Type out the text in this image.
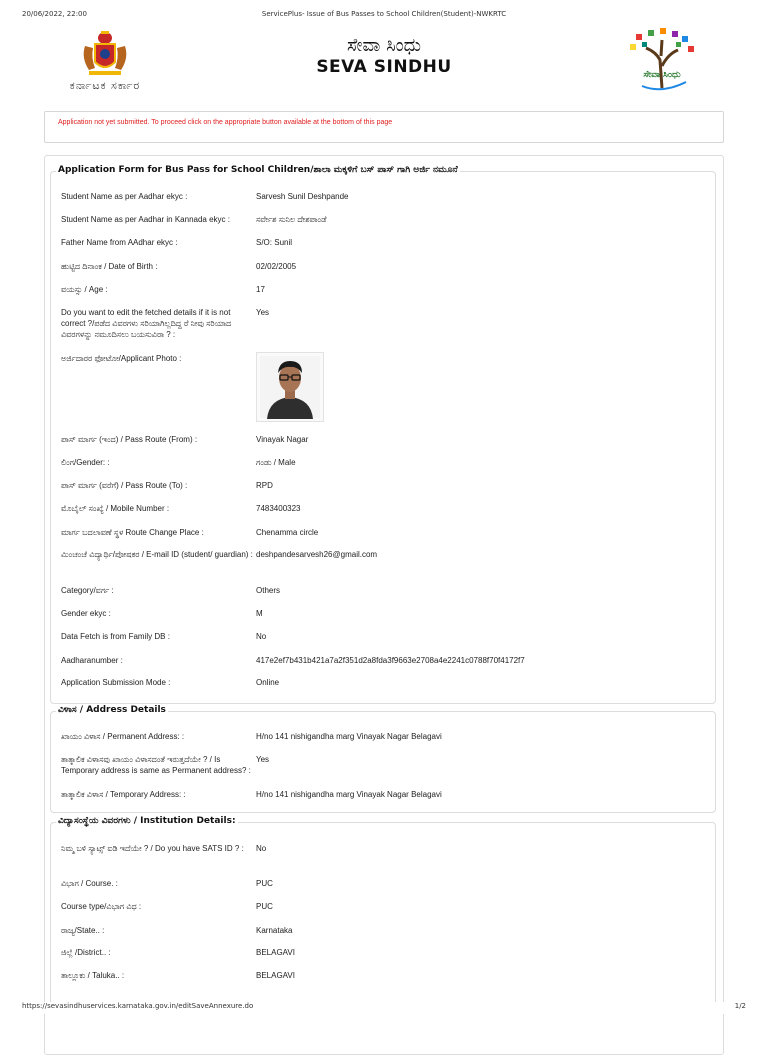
20/06/2022, 22:00	ServicePlus- Issue of Bus Passes to School Children(Student)-NWKRTC
ಕರ್ನಾಟಕ ಸರ್ಕಾರ
ಸೇವಾ ಸಿಂಧು
SEVA SINDHU	ಸೇವಾ ಸಿಂಧು
Application not yet submitted. To proceed click on the appropriate button available at the bottom of this page
Application Form for Bus Pass for School Children/ಶಾಲಾ ಮಕ್ಕಳಿಗೆ ಬಸ್ ಪಾಸ್ ಗಾಗಿ ಅರ್ಜಿ ನಮೂನೆ
ವಿಳಾಸ / Address Details
ವಿದ್ಯಾಸಂಸ್ಥೆಯ ವಿವರಗಳು / Institution Details:
Student Name as per Aadhar ekyc :	Sarvesh Sunil Deshpande
Student Name as per Aadhar in Kannada ekyc :	ಸರ್ವೇಶ ಸುನಿಲ ದೇಶಪಾಂಡೆ
Father Name from AAdhar ekyc :	S/O: Sunil
ಹುಟ್ಟಿದ ದಿನಾಂಕ / Date of Birth :	02/02/2005
ವಯಸ್ಸು / Age :	17
Do you want to edit the fetched details if it is not correct ?/ಪಡೆದ ವಿವರಗಳು ಸರಿಯಾಗಿಲ್ಲದಿದ್ದ ರೆ ನೀವು ಸರಿಯಾದ ವಿವರಗಳನ್ನು ನಮೂದಿಸಲು ಬಯಸುವಿರಾ ? :
Yes
ಅರ್ಜಿದಾರರ ಫೋಟೋ/Applicant Photo :
ಪಾಸ್ ಮಾರ್ಗ (ಇಂದ) / Pass Route (From) :	Vinayak Nagar
ಲಿಂಗ/Gender: :	ಗಂಡು / Male
ಪಾಸ್ ಮಾರ್ಗ (ವರೆಗೆ) / Pass Route (To) :	RPD
ಮೊಬೈಲ್ ಸಂಖ್ಯೆ / Mobile Number :	7483400323
ಮಾರ್ಗ ಬದಲಾವಣೆ ಸ್ಥಳ Route Change Place :	Chenamma circle
ಮಿಂಚಂಚೆ ವಿದ್ಯಾರ್ಥಿ/ಪೋಷಕರ / E-mail ID (student/ guardian) : deshpandesarvesh26@gmail.com
Category/ವರ್ಗ :	Others
Gender ekyc :	M
Data Fetch is from Family DB :	No
Aadharanumber :	417e2ef7b431b421a7a2f351d2a8fda3f9663e2708a4e2241c0788f70f4172f7
Application Submission Mode :	Online
ಖಾಯಂ ವಿಳಾಸ / Permanent Address: :	H/no 141 nishigandha marg Vinayak Nagar Belagavi
ತಾತ್ಕಾಲಿಕ ವಿಳಾಸವು ಖಾಯಂ ವಿಳಾಸದಂತೆ ಇರುತ್ತದೆಯೇ ? / Is Temporary address is same as Permanent address? :
Yes
ತಾತ್ಕಾಲಿಕ ವಿಳಾಸ / Temporary Address: :	H/no 141 nishigandha marg Vinayak Nagar Belagavi
ನಿಮ್ಮ ಬಳಿ ಸ್ಯಾಟ್ಸ್ ಐಡಿ ಇದೆಯೇ ? / Do you have SATS ID ? :	No
ವಿಭಾಗ / Course. :	PUC
Course type/ವಿಭಾಗ ವಿಧ :	PUC
ರಾಜ್ಯ/State.. :	Karnataka
ಜಿಲ್ಲೆ /District.. :	BELAGAVI
ತಾಲ್ಲೂಕು / Taluka.. :	BELAGAVI
https://sevasindhuservices.karnataka.gov.in/editSaveAnnexure.do	1/2
